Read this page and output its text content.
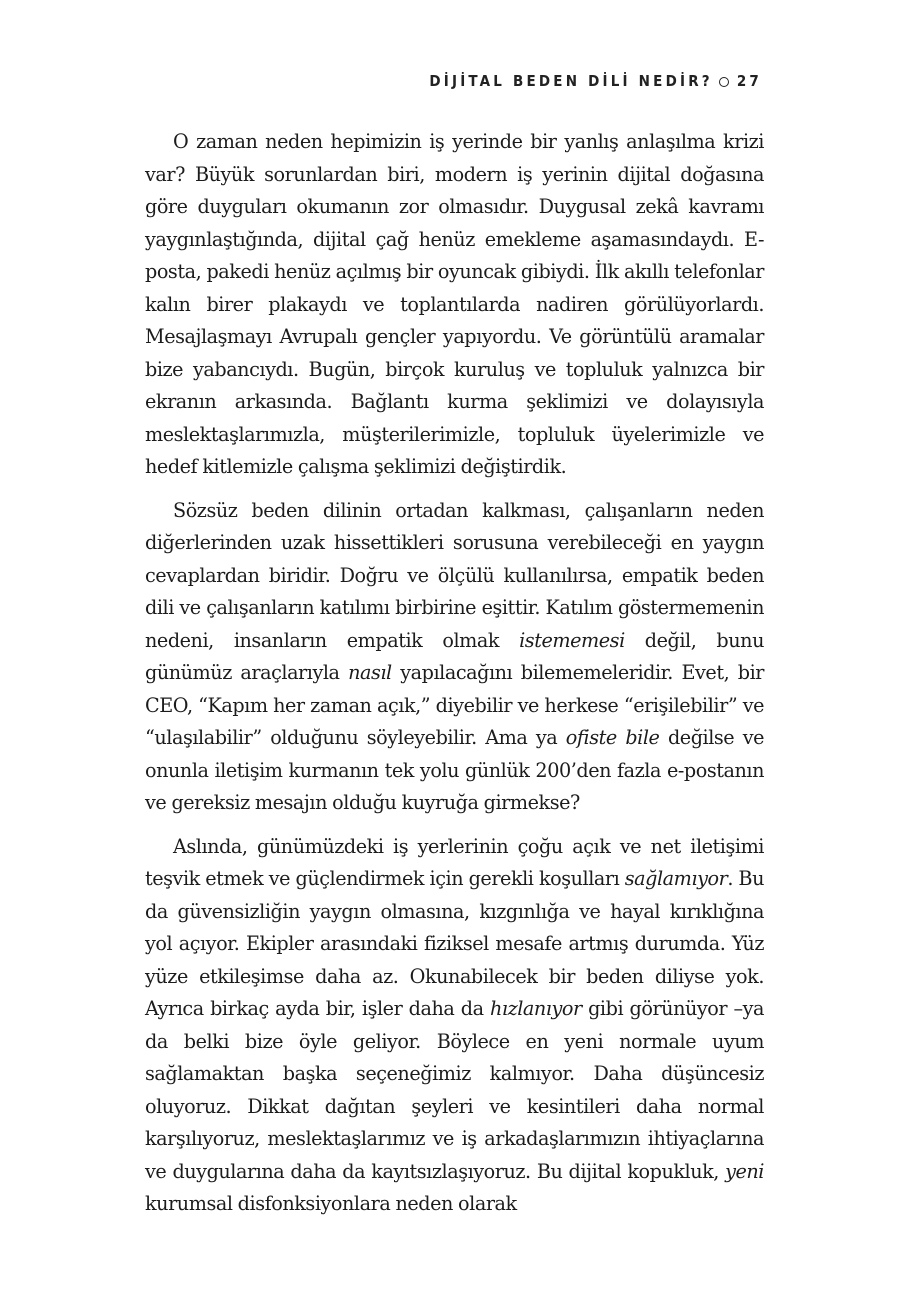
DİJİTAL BEDEN DİLİ NEDİR? 27

O zaman neden hepimizin iş yerinde bir yanlış anlaşılma krizi var? Büyük sorunlardan biri, modern iş yerinin dijital doğasına göre duyguları okumanın zor olmasıdır. Duygusal zekâ kavramı yaygınlaştığında, dijital çağ henüz emekleme aşamasındaydı. E-posta, pakedi henüz açılmış bir oyuncak gibiydi. İlk akıllı telefonlar kalın birer plakaydı ve toplantılarda nadiren görülüyorlardı. Mesajlaşmayı Avrupalı gençler yapıyordu. Ve görüntülü aramalar bize yabancıydı. Bugün, birçok kuruluş ve topluluk yalnızca bir ekranın arkasında. Bağlantı kurma şeklimizi ve dolayısıyla meslektaşlarımızla, müşterilerimizle, topluluk üyelerimizle ve hedef kitlemizle çalışma şeklimizi değiştirdik.

Sözsüz beden dilinin ortadan kalkması, çalışanların neden diğerlerinden uzak hissettikleri sorusuna verebileceği en yaygın cevaplardan biridir. Doğru ve ölçülü kullanılırsa, empatik beden dili ve çalışanların katılımı birbirine eşittir. Katılım göstermemenin nedeni, insanların empatik olmak istememesi değil, bunu günümüz araçlarıyla nasıl yapılacağını bilememeleridir. Evet, bir CEO, “Kapım her zaman açık,” diyebilir ve herkese “erişilebilir” ve “ulaşılabilir” olduğunu söyleyebilir. Ama ya ofiste bile değilse ve onunla iletişim kurmanın tek yolu günlük 200’den fazla e-postanın ve gereksiz mesajın olduğu kuyruğa girmekse?

Aslında, günümüzdeki iş yerlerinin çoğu açık ve net iletişimi teşvik etmek ve güçlendirmek için gerekli koşulları sağlamıyor. Bu da güvensizliğin yaygın olmasına, kızgınlığa ve hayal kırıklığına yol açıyor. Ekipler arasındaki fiziksel mesafe artmış durumda. Yüz yüze etkileşimse daha az. Okunabilecek bir beden diliyse yok. Ayrıca birkaç ayda bir, işler daha da hızlanıyor gibi görünüyor –ya da belki bize öyle geliyor. Böylece en yeni normale uyum sağlamaktan başka seçeneğimiz kalmıyor. Daha düşüncesiz oluyoruz. Dikkat dağıtan şeyleri ve kesintileri daha normal karşılıyoruz, meslektaşlarımız ve iş arkadaşlarımızın ihtiyaçlarına ve duygularına daha da kayıtsızlaşıyoruz. Bu dijital kopukluk, yeni kurumsal disfonksiyonlara neden olarak
